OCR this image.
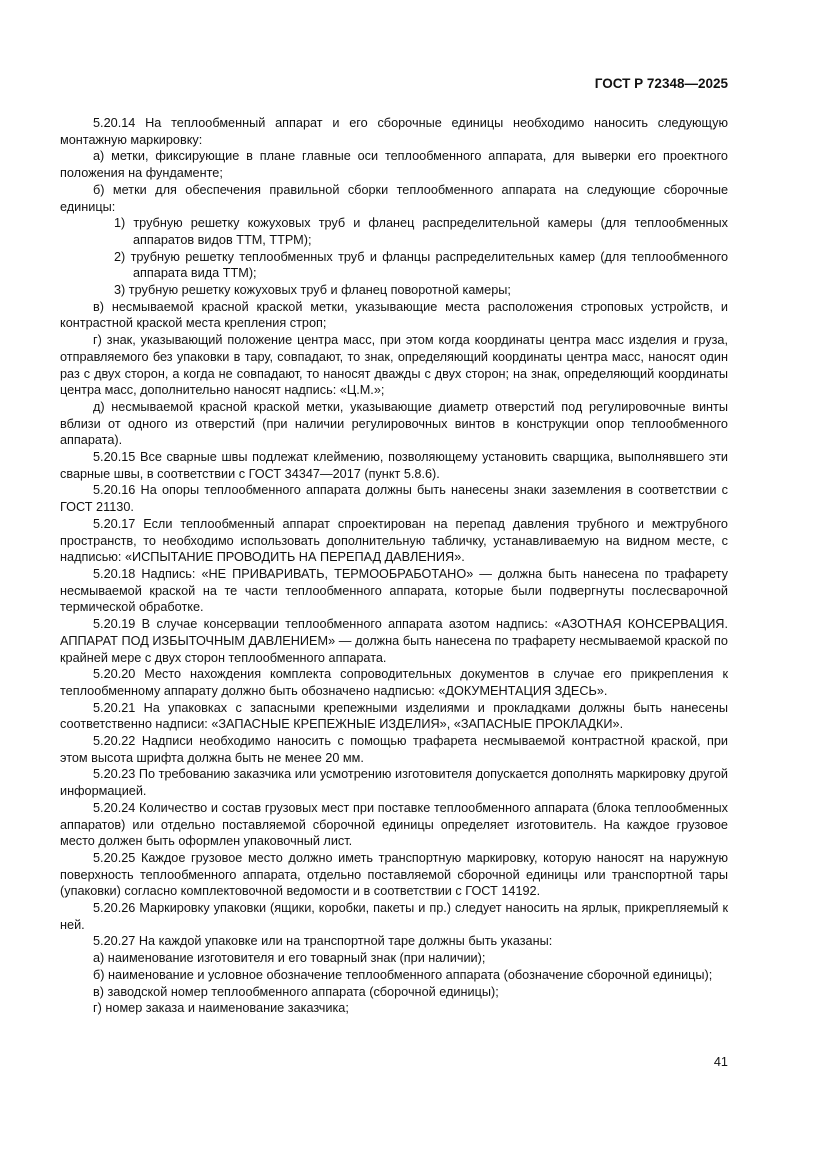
ГОСТ Р 72348—2025

5.20.14 На теплообменный аппарат и его сборочные единицы необходимо наносить следующую монтажную маркировку:

а) метки, фиксирующие в плане главные оси теплообменного аппарата, для выверки его проектного положения на фундаменте;

б) метки для обеспечения правильной сборки теплообменного аппарата на следующие сборочные единицы:

1) трубную решетку кожуховых труб и фланец распределительной камеры (для теплообменных аппаратов видов ТТМ, ТТРМ);

2) трубную решетку теплообменных труб и фланцы распределительных камер (для теплообменного аппарата вида ТТМ);

3) трубную решетку кожуховых труб и фланец поворотной камеры;

в) несмываемой красной краской метки, указывающие места расположения строповых устройств, и контрастной краской места крепления строп;

г) знак, указывающий положение центра масс, при этом когда координаты центра масс изделия и груза, отправляемого без упаковки в тару, совпадают, то знак, определяющий координаты центра масс, наносят один раз с двух сторон, а когда не совпадают, то наносят дважды с двух сторон; на знак, определяющий координаты центра масс, дополнительно наносят надпись: «Ц.М.»;

д) несмываемой красной краской метки, указывающие диаметр отверстий под регулировочные винты вблизи от одного из отверстий (при наличии регулировочных винтов в конструкции опор теплообменного аппарата).

5.20.15 Все сварные швы подлежат клеймению, позволяющему установить сварщика, выполнявшего эти сварные швы, в соответствии с ГОСТ 34347—2017 (пункт 5.8.6).

5.20.16 На опоры теплообменного аппарата должны быть нанесены знаки заземления в соответствии с ГОСТ 21130.

5.20.17 Если теплообменный аппарат спроектирован на перепад давления трубного и межтрубного пространств, то необходимо использовать дополнительную табличку, устанавливаемую на видном месте, с надписью: «ИСПЫТАНИЕ ПРОВОДИТЬ НА ПЕРЕПАД ДАВЛЕНИЯ».

5.20.18 Надпись: «НЕ ПРИВАРИВАТЬ, ТЕРМООБРАБОТАНО» — должна быть нанесена по трафарету несмываемой краской на те части теплообменного аппарата, которые были подвергнуты послесварочной термической обработке.

5.20.19 В случае консервации теплообменного аппарата азотом надпись: «АЗОТНАЯ КОНСЕРВАЦИЯ. АППАРАТ ПОД ИЗБЫТОЧНЫМ ДАВЛЕНИЕМ» — должна быть нанесена по трафарету несмываемой краской по крайней мере с двух сторон теплообменного аппарата.

5.20.20 Место нахождения комплекта сопроводительных документов в случае его прикрепления к теплообменному аппарату должно быть обозначено надписью: «ДОКУМЕНТАЦИЯ ЗДЕСЬ».

5.20.21 На упаковках с запасными крепежными изделиями и прокладками должны быть нанесены соответственно надписи: «ЗАПАСНЫЕ КРЕПЕЖНЫЕ ИЗДЕЛИЯ», «ЗАПАСНЫЕ ПРОКЛАДКИ».

5.20.22 Надписи необходимо наносить с помощью трафарета несмываемой контрастной краской, при этом высота шрифта должна быть не менее 20 мм.

5.20.23 По требованию заказчика или усмотрению изготовителя допускается дополнять маркировку другой информацией.

5.20.24 Количество и состав грузовых мест при поставке теплообменного аппарата (блока теплообменных аппаратов) или отдельно поставляемой сборочной единицы определяет изготовитель. На каждое грузовое место должен быть оформлен упаковочный лист.

5.20.25 Каждое грузовое место должно иметь транспортную маркировку, которую наносят на наружную поверхность теплообменного аппарата, отдельно поставляемой сборочной единицы или транспортной тары (упаковки) согласно комплектовочной ведомости и в соответствии с ГОСТ 14192.

5.20.26 Маркировку упаковки (ящики, коробки, пакеты и пр.) следует наносить на ярлык, прикрепляемый к ней.

5.20.27 На каждой упаковке или на транспортной таре должны быть указаны:

а) наименование изготовителя и его товарный знак (при наличии);

б) наименование и условное обозначение теплообменного аппарата (обозначение сборочной единицы);

в) заводской номер теплообменного аппарата (сборочной единицы);

г) номер заказа и наименование заказчика;

41
